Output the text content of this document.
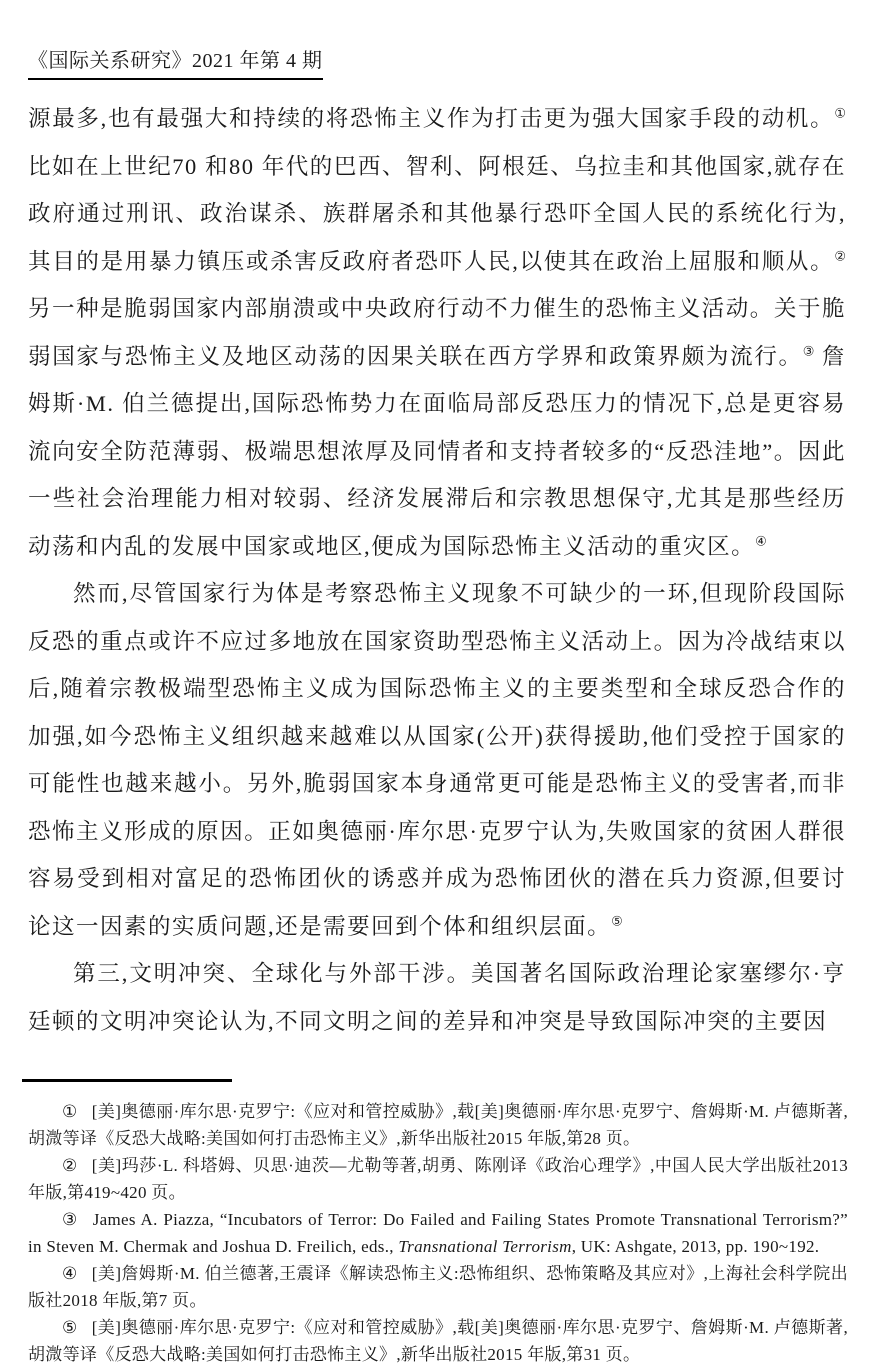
《国际关系研究》2021 年第 4 期

源最多,也有最强大和持续的将恐怖主义作为打击更为强大国家手段的动机。①比如在上世纪70 和80 年代的巴西、智利、阿根廷、乌拉圭和其他国家,就存在政府通过刑讯、政治谋杀、族群屠杀和其他暴行恐吓全国人民的系统化行为,其目的是用暴力镇压或杀害反政府者恐吓人民,以使其在政治上屈服和顺从。② 另一种是脆弱国家内部崩溃或中央政府行动不力催生的恐怖主义活动。关于脆弱国家与恐怖主义及地区动荡的因果关联在西方学界和政策界颇为流行。③ 詹姆斯·M. 伯兰德提出,国际恐怖势力在面临局部反恐压力的情况下,总是更容易流向安全防范薄弱、极端思想浓厚及同情者和支持者较多的“反恐洼地”。因此一些社会治理能力相对较弱、经济发展滞后和宗教思想保守,尤其是那些经历动荡和内乱的发展中国家或地区,便成为国际恐怖主义活动的重灾区。④

然而,尽管国家行为体是考察恐怖主义现象不可缺少的一环,但现阶段国际反恐的重点或许不应过多地放在国家资助型恐怖主义活动上。因为冷战结束以后,随着宗教极端型恐怖主义成为国际恐怖主义的主要类型和全球反恐合作的加强,如今恐怖主义组织越来越难以从国家(公开)获得援助,他们受控于国家的可能性也越来越小。另外,脆弱国家本身通常更可能是恐怖主义的受害者,而非恐怖主义形成的原因。正如奥德丽·库尔思·克罗宁认为,失败国家的贫困人群很容易受到相对富足的恐怖团伙的诱惑并成为恐怖团伙的潜在兵力资源,但要讨论这一因素的实质问题,还是需要回到个体和组织层面。⑤

第三,文明冲突、全球化与外部干涉。美国著名国际政治理论家塞缪尔·亨廷顿的文明冲突论认为,不同文明之间的差异和冲突是导致国际冲突的主要因

① [美]奥德丽·库尔思·克罗宁:《应对和管控威胁》,载[美]奥德丽·库尔思·克罗宁、詹姆斯·M. 卢德斯著,胡溦等译《反恐大战略:美国如何打击恐怖主义》,新华出版社2015 年版,第28 页。

② [美]玛莎·L. 科塔姆、贝思·迪茨—尤勒等著,胡勇、陈刚译《政治心理学》,中国人民大学出版社2013 年版,第419~420 页。

③ James A. Piazza, “Incubators of Terror: Do Failed and Failing States Promote Transnational Terrorism?” in Steven M. Chermak and Joshua D. Freilich, eds., Transnational Terrorism, UK: Ashgate, 2013, pp. 190~192.

④ [美]詹姆斯·M. 伯兰德著,王震译《解读恐怖主义:恐怖组织、恐怖策略及其应对》,上海社会科学院出版社2018 年版,第7 页。

⑤ [美]奥德丽·库尔思·克罗宁:《应对和管控威胁》,载[美]奥德丽·库尔思·克罗宁、詹姆斯·M. 卢德斯著,胡溦等译《反恐大战略:美国如何打击恐怖主义》,新华出版社2015 年版,第31 页。
